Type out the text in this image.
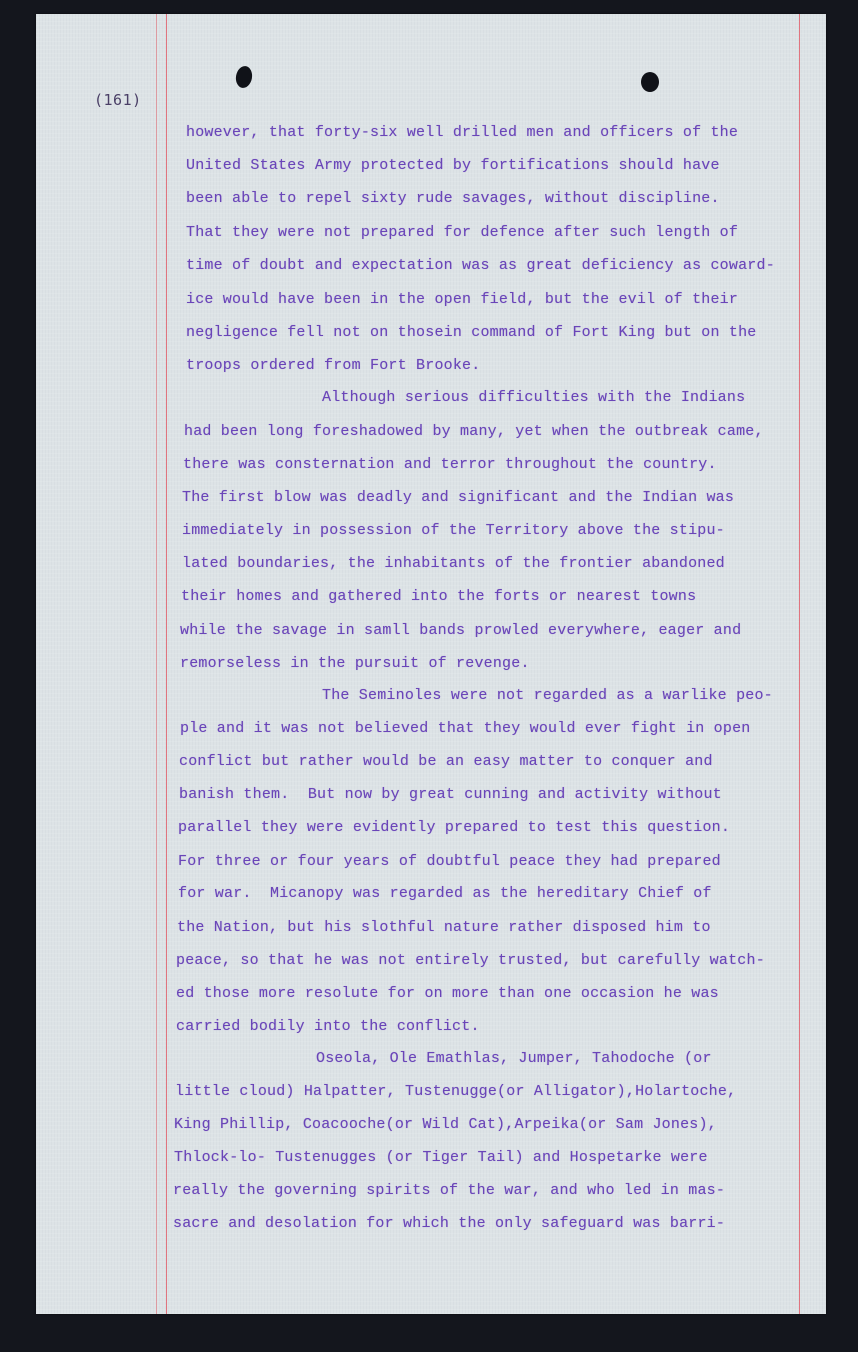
(161)

however, that forty-six well drilled men and officers of the

United States Army protected by fortifications should have

been able to repel sixty rude savages, without discipline.

That they were not prepared for defence after such length of

time of doubt and expectation was as great deficiency as coward-

ice would have been in the open field, but the evil of their

negligence fell not on thosein command of Fort King but on the

troops ordered from Fort Brooke.

Although serious difficulties with the Indians

had been long foreshadowed by many, yet when the outbreak came,

there was consternation and terror throughout the country.

The first blow was deadly and significant and the Indian was

immediately in possession of the Territory above the stipu-

lated boundaries, the inhabitants of the frontier abandoned

their homes and gathered into the forts or nearest towns

while the savage in samll bands prowled everywhere, eager and

remorseless in the pursuit of revenge.

The Seminoles were not regarded as a warlike peo-

ple and it was not believed that they would ever fight in open

conflict but rather would be an easy matter to conquer and

banish them.  But now by great cunning and activity without

parallel they were evidently prepared to test this question.

For three or four years of doubtful peace they had prepared

for war.  Micanopy was regarded as the hereditary Chief of

the Nation, but his slothful nature rather disposed him to

peace, so that he was not entirely trusted, but carefully watch-

ed those more resolute for on more than one occasion he was

carried bodily into the conflict.

Oseola, Ole Emathlas, Jumper, Tahodoche (or

little cloud) Halpatter, Tustenugge(or Alligator),Holartoche,

King Phillip, Coacooche(or Wild Cat),Arpeika(or Sam Jones),

Thlock-lo- Tustenugges (or Tiger Tail) and Hospetarke were

really the governing spirits of the war, and who led in mas-

sacre and desolation for which the only safeguard was barri-
